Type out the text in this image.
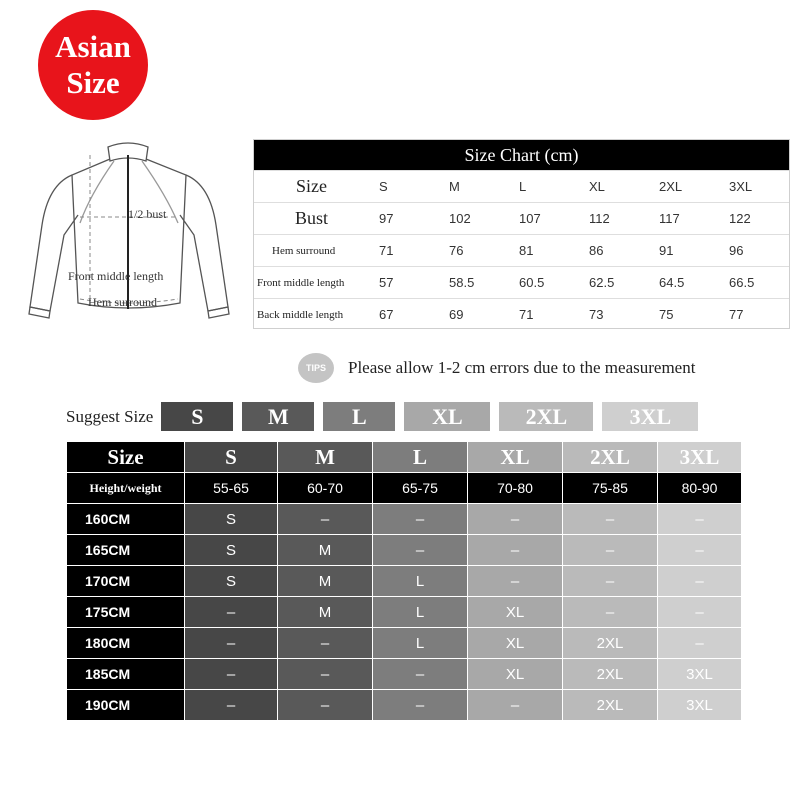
Asian
Size
1/2 bust
Front middle length
Hem surround
Size Chart (cm)
Size	S	M	L	XL	2XL	3XL
Bust	97	102	107	112	117	122
Hem surround	71	76	81	86	91	96
Front middle length	57	58.5	60.5	62.5	64.5	66.5
Back middle length	67	69	71	73	75	77
TIPS	Please allow 1-2 cm errors due to the measurement
Suggest Size	S	M	L	XL	2XL	3XL
Size	S	M	L	XL	2XL	3XL
Height/weight	55-65	60-70	65-75	70-80	75-85	80-90
160CM	S	–	–	–	–	–
165CM	S	M	–	–	–	–
170CM	S	M	L	–	–	–
175CM	–	M	L	XL	–	–
180CM	–	–	L	XL	2XL	–
185CM	–	–	–	XL	2XL	3XL
190CM	–	–	–	–	2XL	3XL
